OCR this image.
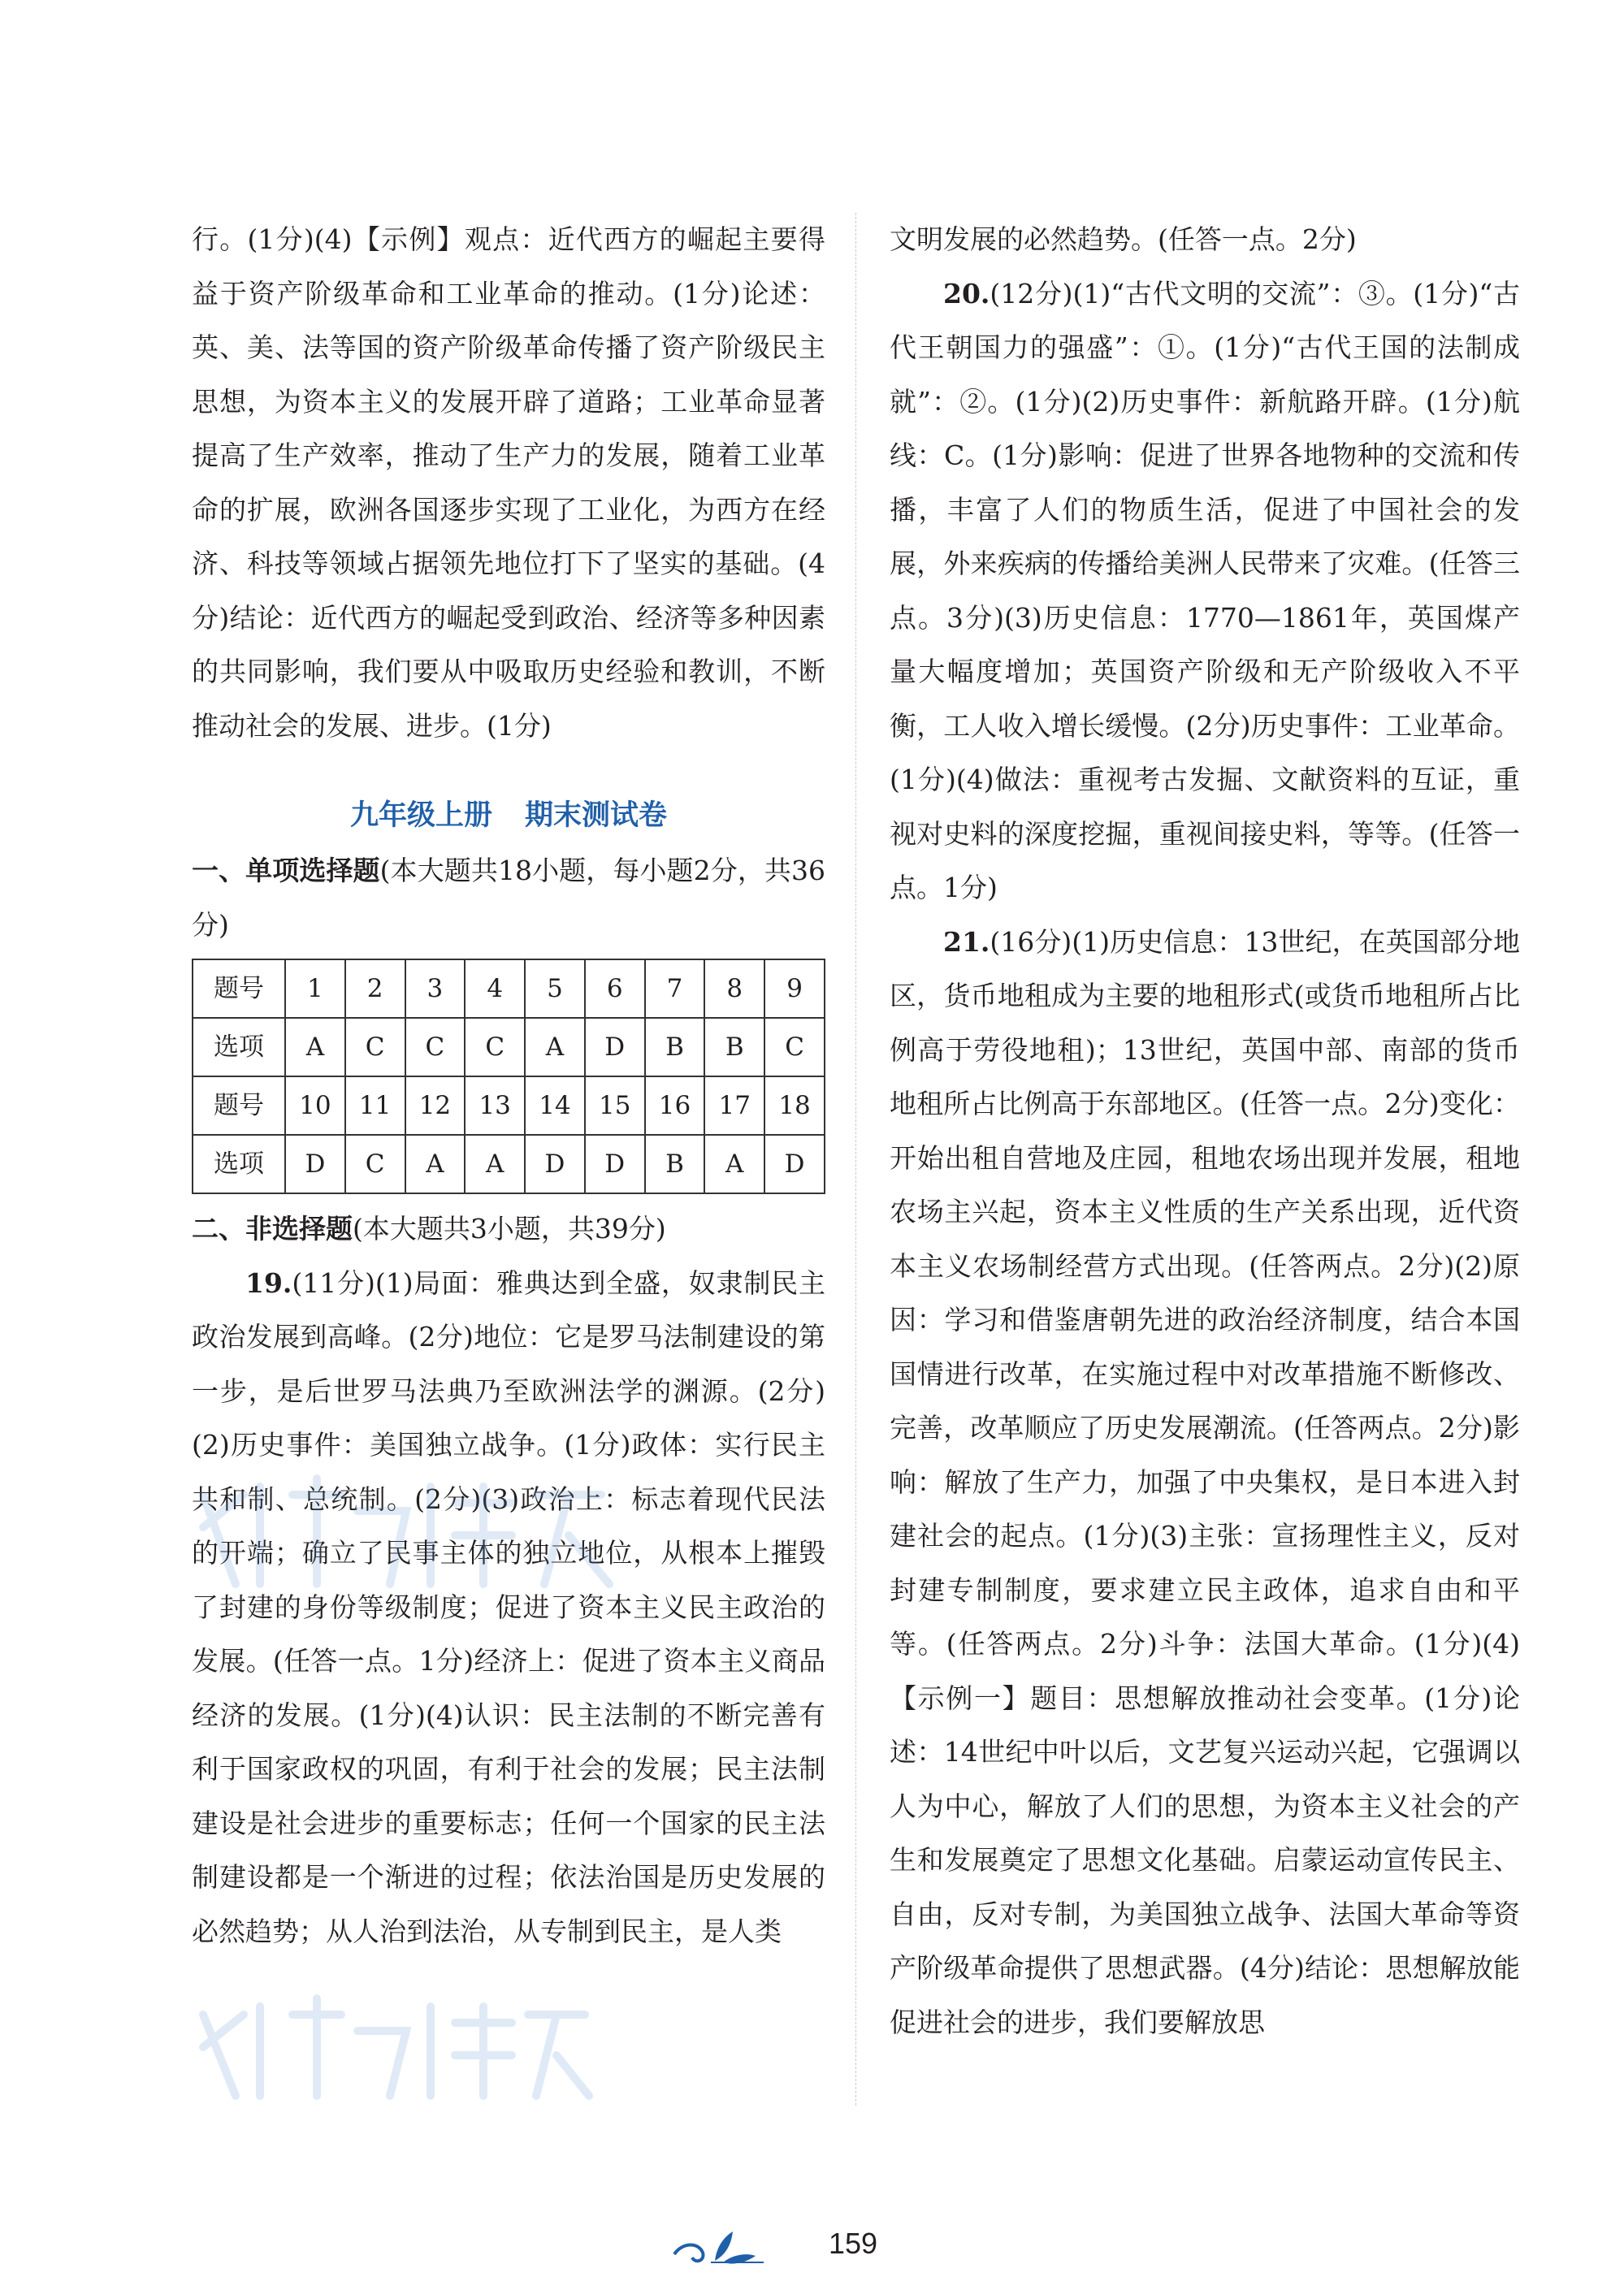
行。(1分)(4)【示例】观点：近代西方的崛起主要得益于资产阶级革命和工业革命的推动。(1分)论述：英、美、法等国的资产阶级革命传播了资产阶级民主思想，为资本主义的发展开辟了道路；工业革命显著提高了生产效率，推动了生产力的发展，随着工业革命的扩展，欧洲各国逐步实现了工业化，为西方在经济、科技等领域占据领先地位打下了坚实的基础。(4分)结论：近代西方的崛起受到政治、经济等多种因素的共同影响，我们要从中吸取历史经验和教训，不断推动社会的发展、进步。(1分)

九年级上册 期末测试卷

一、单项选择题(本大题共18小题，每小题2分，共36分)

题号	1	2	3	4	5	6	7	8	9
选项	A	C	C	C	A	D	B	B	C
题号	10	11	12	13	14	15	16	17	18
选项	D	C	A	A	D	D	B	A	D

二、非选择题(本大题共3小题，共39分)

19.(11分)(1)局面：雅典达到全盛，奴隶制民主政治发展到高峰。(2分)地位：它是罗马法制建设的第一步，是后世罗马法典乃至欧洲法学的渊源。(2分)(2)历史事件：美国独立战争。(1分)政体：实行民主共和制、总统制。(2分)(3)政治上：标志着现代民法的开端；确立了民事主体的独立地位，从根本上摧毁了封建的身份等级制度；促进了资本主义民主政治的发展。(任答一点。1分)经济上：促进了资本主义商品经济的发展。(1分)(4)认识：民主法制的不断完善有利于国家政权的巩固，有利于社会的发展；民主法制建设是社会进步的重要标志；任何一个国家的民主法制建设都是一个渐进的过程；依法治国是历史发展的必然趋势；从人治到法治，从专制到民主，是人类

文明发展的必然趋势。(任答一点。2分)

20.(12分)(1)“古代文明的交流”：③。(1分)“古代王朝国力的强盛”：①。(1分)“古代王国的法制成就”：②。(1分)(2)历史事件：新航路开辟。(1分)航线：C。(1分)影响：促进了世界各地物种的交流和传播，丰富了人们的物质生活，促进了中国社会的发展，外来疾病的传播给美洲人民带来了灾难。(任答三点。3分)(3)历史信息：1770—1861年，英国煤产量大幅度增加；英国资产阶级和无产阶级收入不平衡，工人收入增长缓慢。(2分)历史事件：工业革命。(1分)(4)做法：重视考古发掘、文献资料的互证，重视对史料的深度挖掘，重视间接史料，等等。(任答一点。1分)

21.(16分)(1)历史信息：13世纪，在英国部分地区，货币地租成为主要的地租形式(或货币地租所占比例高于劳役地租)；13世纪，英国中部、南部的货币地租所占比例高于东部地区。(任答一点。2分)变化：开始出租自营地及庄园，租地农场出现并发展，租地农场主兴起，资本主义性质的生产关系出现，近代资本主义农场制经营方式出现。(任答两点。2分)(2)原因：学习和借鉴唐朝先进的政治经济制度，结合本国国情进行改革，在实施过程中对改革措施不断修改、完善，改革顺应了历史发展潮流。(任答两点。2分)影响：解放了生产力，加强了中央集权，是日本进入封建社会的起点。(1分)(3)主张：宣扬理性主义，反对封建专制制度，要求建立民主政体，追求自由和平等。(任答两点。2分)斗争：法国大革命。(1分)(4)【示例一】题目：思想解放推动社会变革。(1分)论述：14世纪中叶以后，文艺复兴运动兴起，它强调以人为中心，解放了人们的思想，为资本主义社会的产生和发展奠定了思想文化基础。启蒙运动宣传民主、自由，反对专制，为美国独立战争、法国大革命等资产阶级革命提供了思想武器。(4分)结论：思想解放能促进社会的进步，我们要解放思

159
